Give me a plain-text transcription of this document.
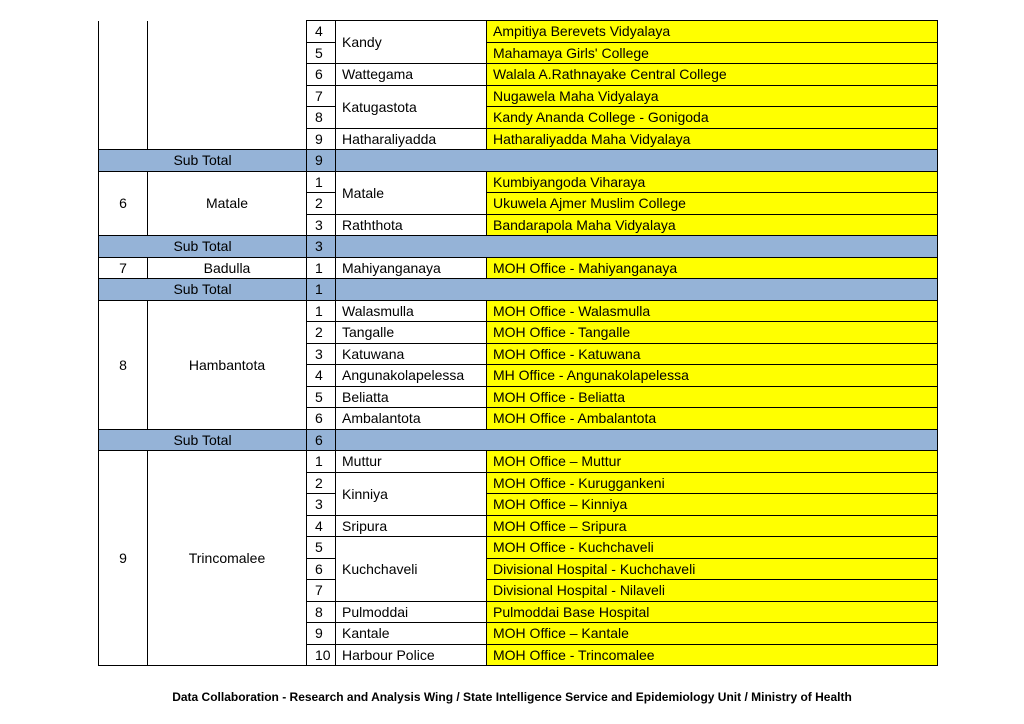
		4	Kandy	Ampitiya Berevets Vidyalaya
		5		Mahamaya Girls' College
		6	Wattegama	Walala A.Rathnayake Central College
		7	Katugastota	Nugawela Maha Vidyalaya
		8		Kandy Ananda College - Gonigoda
		9	Hatharaliyadda	Hatharaliyadda Maha Vidyalaya
Sub Total		9		
6	Matale	1	Matale	Kumbiyangoda Viharaya
		2		Ukuwela Ajmer Muslim College
		3	Raththota	Bandarapola Maha Vidyalaya
Sub Total		3		
7	Badulla	1	Mahiyanganaya	MOH Office - Mahiyanganaya
Sub Total		1		
8	Hambantota	1	Walasmulla	MOH Office - Walasmulla
		2	Tangalle	MOH Office - Tangalle
		3	Katuwana	MOH Office - Katuwana
		4	Angunakolapelessa	MH Office - Angunakolapelessa
		5	Beliatta	MOH Office - Beliatta
		6	Ambalantota	MOH Office - Ambalantota
Sub Total		6		
9	Trincomalee	1	Muttur	MOH Office – Muttur
		2	Kinniya	MOH Office - Kuruggankeni
		3		MOH Office – Kinniya
		4	Sripura	MOH Office – Sripura
		5	Kuchchaveli	MOH Office - Kuchchaveli
		6		Divisional Hospital - Kuchchaveli
		7		Divisional Hospital - Nilaveli
		8	Pulmoddai	Pulmoddai Base Hospital
		9	Kantale	MOH Office – Kantale
		10	Harbour Police	MOH Office - Trincomalee
Data Collaboration - Research and Analysis Wing / State Intelligence Service and Epidemiology Unit / Ministry of Health
